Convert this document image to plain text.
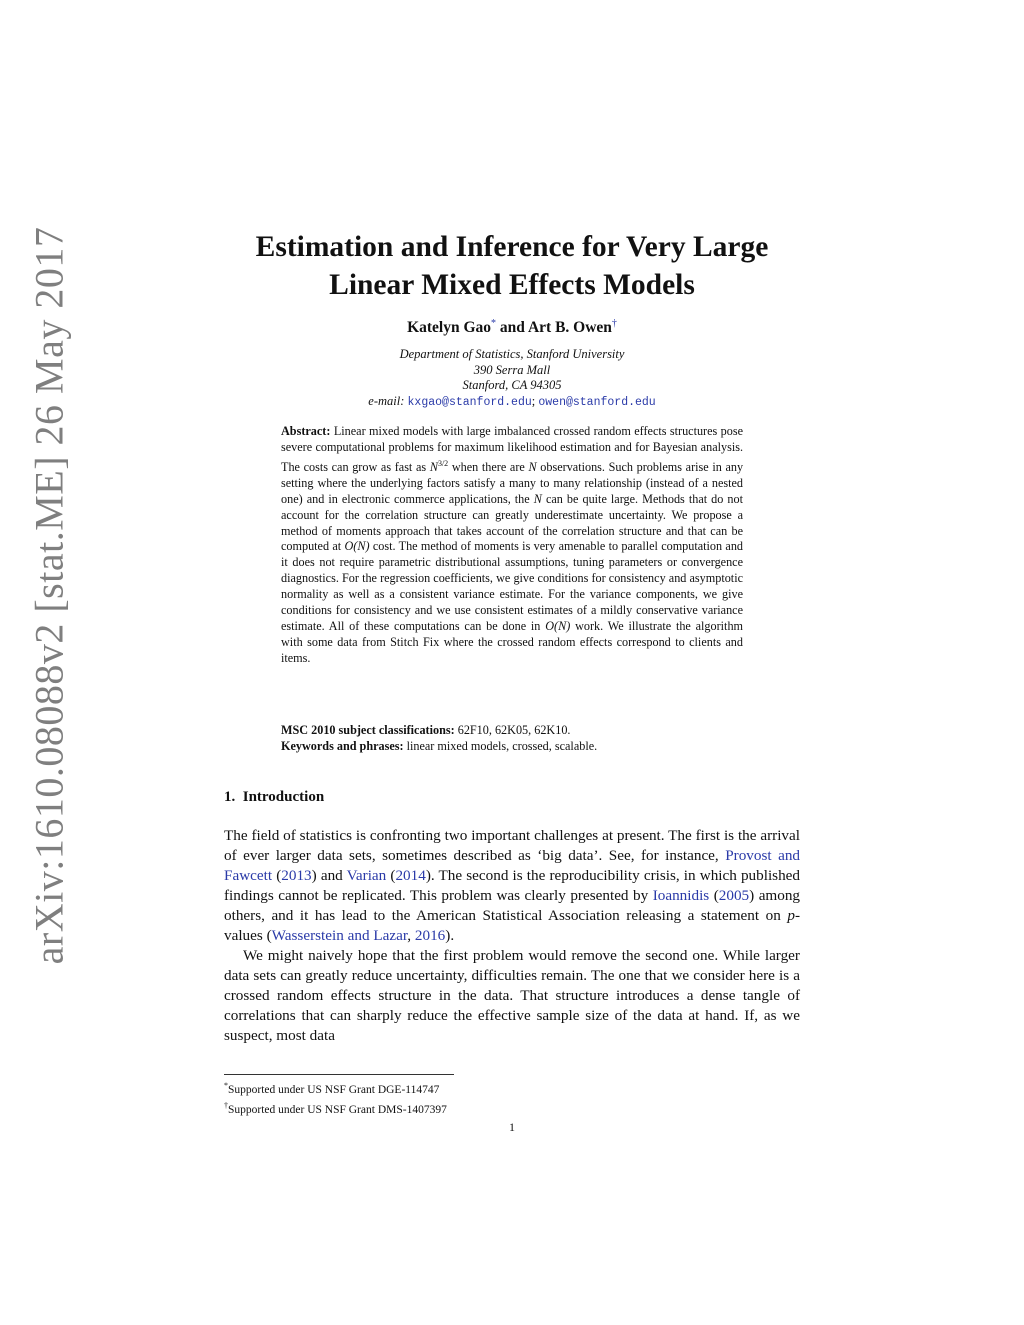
arXiv:1610.08088v2 [stat.ME] 26 May 2017	Estimation and Inference for Very Large
Linear Mixed Effects Models
Katelyn Gao* and Art B. Owen†
Department of Statistics, Stanford University
390 Serra Mall
Stanford, CA 94305
e-mail: kxgao@stanford.edu; owen@stanford.edu
Abstract: Linear mixed models with large imbalanced crossed random effects structures pose severe computational problems for maximum likelihood estimation and for Bayesian analysis. The costs can grow as fast as $N^{3/2}$ when there are N observations. Such problems arise in any setting where the underlying factors satisfy a many to many relationship (instead of a nested one) and in electronic commerce applications, the N can be quite large. Methods that do not account for the correlation structure can greatly underestimate uncertainty. We propose a method of moments approach that takes account of the correlation structure and that can be computed at O(N) cost. The method of moments is very amenable to parallel computation and it does not require parametric distributional assumptions, tuning parameters or convergence diagnostics. For the regression coefficients, we give conditions for consistency and asymptotic normality as well as a consistent variance estimate. For the variance components, we give conditions for consistency and we use consistent estimates of a mildly conservative variance estimate. All of these computations can be done in O(N) work. We illustrate the algorithm with some data from Stitch Fix where the crossed random effects correspond to clients and items.
MSC 2010 subject classifications: 62F10, 62K05, 62K10.
Keywords and phrases: linear mixed models, crossed, scalable.
1. Introduction

The field of statistics is confronting two important challenges at present. The first is the arrival of ever larger data sets, sometimes described as ‘big data’. See, for instance, Provost and Fawcett (2013) and Varian (2014). The second is the reproducibility crisis, in which published findings cannot be replicated. This problem was clearly presented by Ioannidis (2005) among others, and it has lead to the American Statistical Association releasing a statement on p-values (Wasserstein and Lazar, 2016).

We might naively hope that the first problem would remove the second one. While larger data sets can greatly reduce uncertainty, difficulties remain. The one that we consider here is a crossed random effects structure in the data. That structure introduces a dense tangle of correlations that can sharply reduce the effective sample size of the data at hand. If, as we suspect, most data

*Supported under US NSF Grant DGE-114747
†Supported under US NSF Grant DMS-1407397
1
